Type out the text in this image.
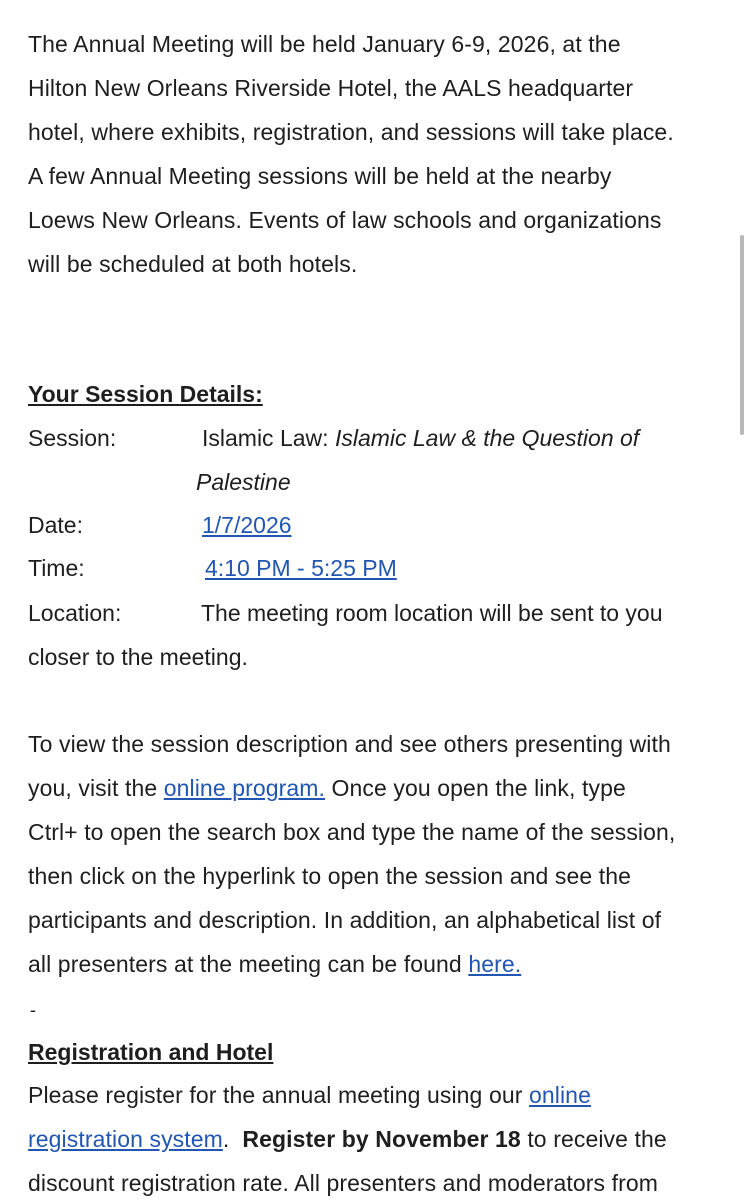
The Annual Meeting will be held January 6-9, 2026, at the
Hilton New Orleans Riverside Hotel, the AALS headquarter
hotel, where exhibits, registration, and sessions will take place.
A few Annual Meeting sessions will be held at the nearby
Loews New Orleans. Events of law schools and organizations
will be scheduled at both hotels.
Your Session Details:
Session:	Islamic Law: Islamic Law & the Question of
Palestine
Date:	1/7/2026
Time:	4:10 PM - 5:25 PM
Location:	The meeting room location will be sent to you
closer to the meeting.
To view the session description and see others presenting with
you, visit the online program. Once you open the link, type
Ctrl+ to open the search box and type the name of the session,
then click on the hyperlink to open the session and see the
participants and description. In addition, an alphabetical list of
all presenters at the meeting can be found here.
-
Registration and Hotel
Please register for the annual meeting using our online
registration system.  Register by November 18 to receive the
discount registration rate. All presenters and moderators from
